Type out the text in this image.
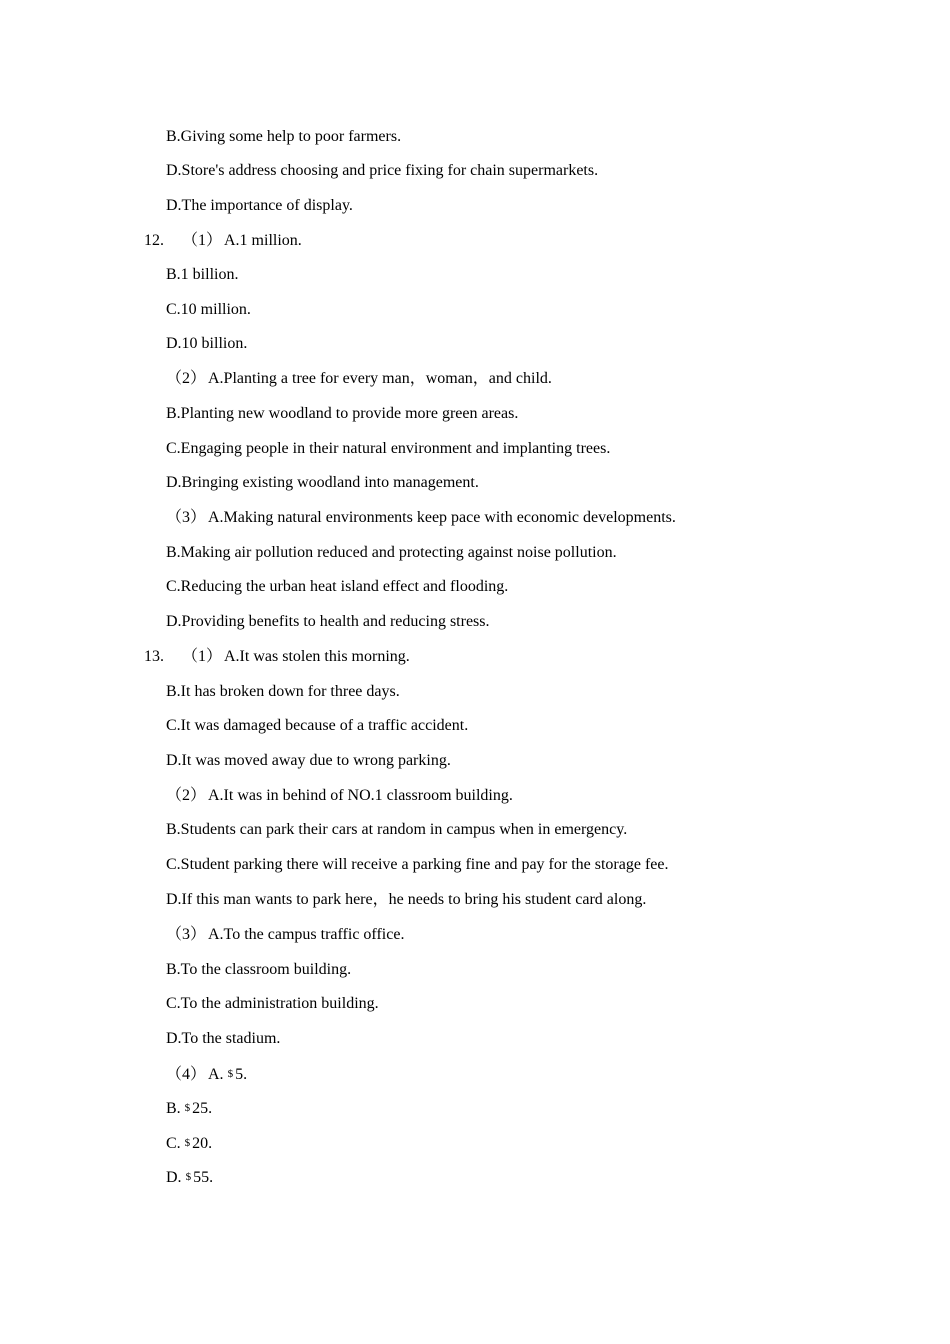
B.Giving some help to poor farmers.
D.Store's address choosing and price fixing for chain supermarkets.
D.The importance of display.
12. （1） A.1 million.
B.1 billion.
C.10 million.
D.10 billion.
（2） A.Planting a tree for every man，woman，and child.
B.Planting new woodland to provide more green areas.
C.Engaging people in their natural environment and implanting trees.
D.Bringing existing woodland into management.
（3） A.Making natural environments keep pace with economic developments.
B.Making air pollution reduced and protecting against noise pollution.
C.Reducing the urban heat island effect and flooding.
D.Providing benefits to health and reducing stress.
13. （1） A.It was stolen this morning.
B.It has broken down for three days.
C.It was damaged because of a traffic accident.
D.It was moved away due to wrong parking.
（2） A.It was in behind of NO.1 classroom building.
B.Students can park their cars at random in campus when in emergency.
C.Student parking there will receive a parking fine and pay for the storage fee.
D.If this man wants to park here，he needs to bring his student card along.
（3） A.To the campus traffic office.
B.To the classroom building.
C.To the administration building.
D.To the stadium.
（4） A. $ 5.
B. $ 25.
C. $ 20.
D. $ 55.
